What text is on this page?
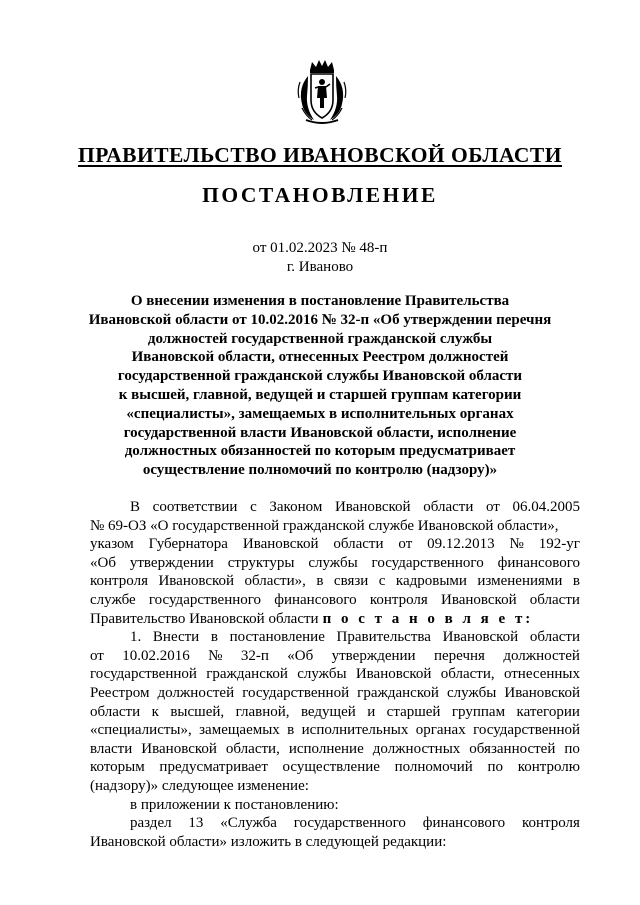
ПРАВИТЕЛЬСТВО ИВАНОВСКОЙ ОБЛАСТИ
ПОСТАНОВЛЕНИЕ
от 01.02.2023 № 48-п
г. Иваново
О внесении изменения в постановление Правительства
Ивановской области от 10.02.2016 № 32-п «Об утверждении перечня
должностей государственной гражданской службы
Ивановской области, отнесенных Реестром должностей
государственной гражданской службы Ивановской области
к высшей, главной, ведущей и старшей группам категории
«специалисты», замещаемых в исполнительных органах
государственной власти Ивановской области, исполнение
должностных обязанностей по которым предусматривает
осуществление полномочий по контролю (надзору)»
В соответствии с Законом Ивановской области от 06.04.2005
№ 69-ОЗ «О государственной гражданской службе Ивановской области»,
указом Губернатора Ивановской области от 09.12.2013 № 192-уг
«Об утверждении структуры службы государственного финансового
контроля Ивановской области», в связи с кадровыми изменениями в
службе государственного финансового контроля Ивановской области
Правительство Ивановской области п о с т а н о в л я е т:
1. Внести в постановление Правительства Ивановской области
от 10.02.2016 № 32-п «Об утверждении перечня должностей
государственной гражданской службы Ивановской области, отнесенных
Реестром должностей государственной гражданской службы Ивановской
области к высшей, главной, ведущей и старшей группам категории
«специалисты», замещаемых в исполнительных органах государственной
власти Ивановской области, исполнение должностных обязанностей по
которым предусматривает осуществление полномочий по контролю
(надзору)» следующее изменение:
в приложении к постановлению:
раздел 13 «Служба государственного финансового контроля
Ивановской области» изложить в следующей редакции:
